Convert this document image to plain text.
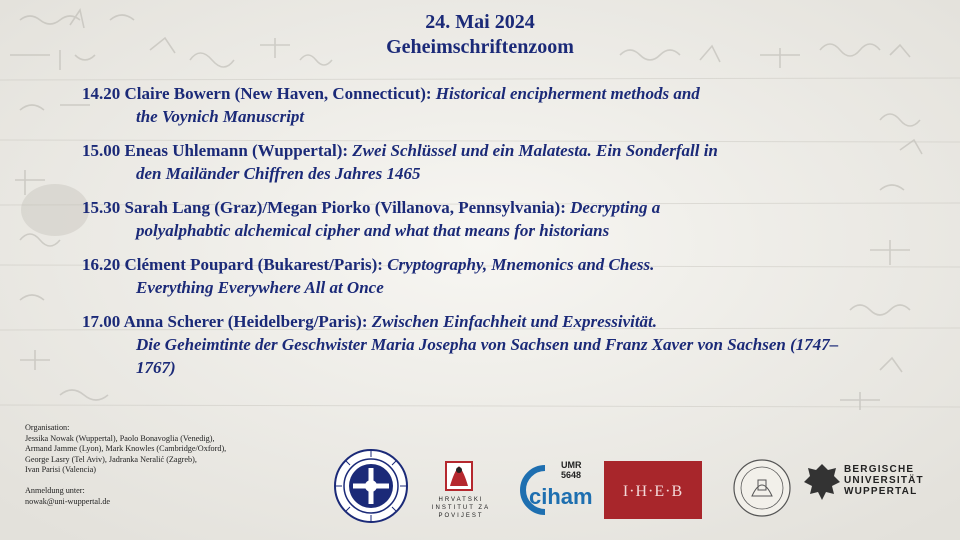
24. Mai 2024
Geheimschriftenzoom
14.20 Claire Bowern (New Haven, Connecticut): Historical encipherment methods and
the Voynich Manuscript
15.00 Eneas Uhlemann (Wuppertal): Zwei Schlüssel und ein Malatesta. Ein Sonderfall in
den Mailänder Chiffren des Jahres 1465
15.30 Sarah Lang (Graz)/Megan Piorko (Villanova, Pennsylvania): Decrypting a
polyalphabtic alchemical cipher and what that means for historians
16.20 Clément Poupard (Bukarest/Paris): Cryptography, Mnemonics and Chess.
Everything Everywhere All at Once
17.00 Anna Scherer (Heidelberg/Paris): Zwischen Einfachheit und Expressivität.
Die Geheimtinte der Geschwister Maria Josepha von Sachsen und Franz Xaver von Sachsen (1747–1767)
Organisation:
Jessika Nowak (Wuppertal), Paolo Bonavoglia (Venedig),
Armand Jamme (Lyon), Mark Knowles (Cambridge/Oxford),
George Lasry (Tel Aviv), Jadranka Neralić (Zagreb),
Ivan Parisi (Valencia)
Anmeldung unter:
nowak@uni-wuppertal.de	HRVATSKI
INSTITUT ZA
POVIJEST
UMR
5648
ciham	I·H·E·B
BERGISCHE
UNIVERSITÄT
WUPPERTAL
